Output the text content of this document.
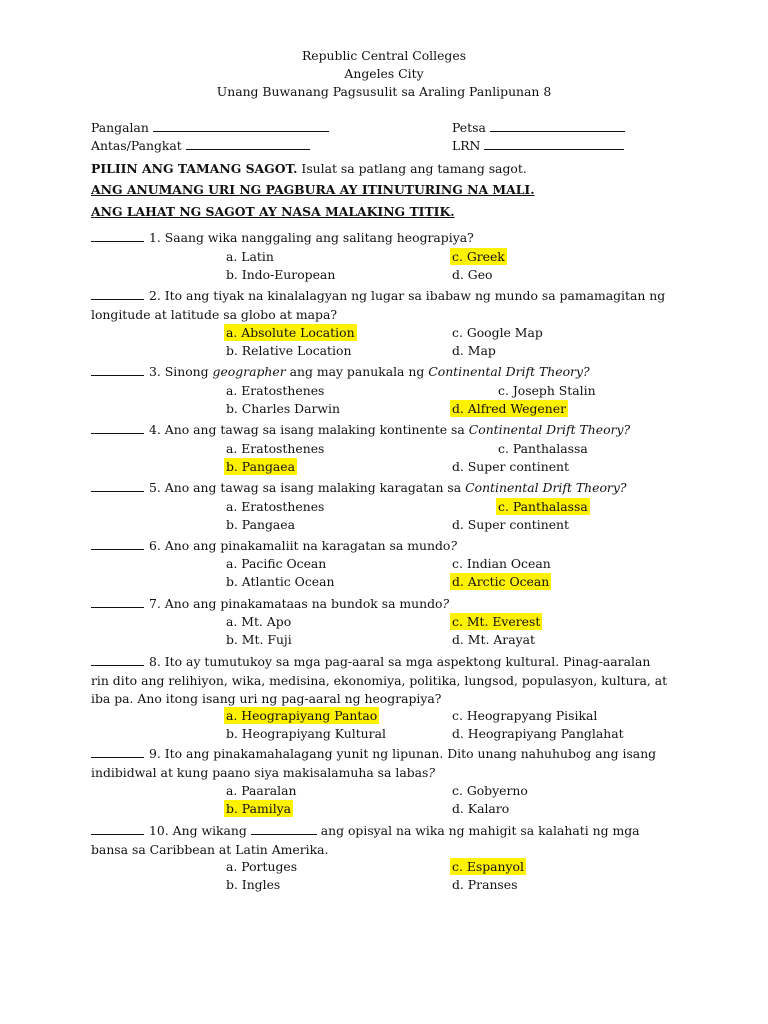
Republic Central Colleges
Angeles City
Unang Buwanang Pagsusulit sa Araling Panlipunan 8
Pangalan	Petsa
Antas/Pangkat	LRN
PILIIN ANG TAMANG SAGOT. Isulat sa patlang ang tamang sagot.
ANG ANUMANG URI NG PAGBURA AY ITINUTURING NA MALI.
ANG LAHAT NG SAGOT AY NASA MALAKING TITIK.
1. Saang wika nanggaling ang salitang heograpiya?
a. Latin
b. Indo-European
c. Greek
d. Geo
2. Ito ang tiyak na kinalalagyan ng lugar sa ibabaw ng mundo sa pamamagitan ng longitude at latitude sa globo at mapa?
a. Absolute Location
b. Relative Location
c. Google Map
d. Map
3. Sinong geographer ang may panukala ng Continental Drift Theory?
a. Eratosthenes
b. Charles Darwin
c. Joseph Stalin
d. Alfred Wegener
4. Ano ang tawag sa isang malaking kontinente sa Continental Drift Theory?
a. Eratosthenes
b. Pangaea
c. Panthalassa
d. Super continent
5. Ano ang tawag sa isang malaking karagatan sa Continental Drift Theory?
a. Eratosthenes
b. Pangaea
c. Panthalassa
d. Super continent
6. Ano ang pinakamaliit na karagatan sa mundo?
a. Pacific Ocean
b. Atlantic Ocean
c. Indian Ocean
d. Arctic Ocean
7. Ano ang pinakamataas na bundok sa mundo?
a. Mt. Apo
b. Mt. Fuji
c. Mt. Everest
d. Mt. Arayat
8. Ito ay tumutukoy sa mga pag-aaral sa mga aspektong kultural. Pinag-aaralan rin dito ang relihiyon, wika, medisina, ekonomiya, politika, lungsod, populasyon, kultura, at iba pa. Ano itong isang uri ng pag-aaral ng heograpiya?
a. Heograpiyang Pantao
b. Heograpiyang Kultural
c. Heograpyang Pisikal
d. Heograpiyang Panglahat
9. Ito ang pinakamahalagang yunit ng lipunan. Dito unang nahuhubog ang isang indibidwal at kung paano siya makisalamuha sa labas?
a. Paaralan
b. Pamilya
c. Gobyerno
d. Kalaro
10. Ang wikang	ang opisyal na wika ng mahigit sa kalahati ng mga bansa sa Caribbean at Latin Amerika.
a. Portuges
b. Ingles
c. Espanyol
d. Pranses
